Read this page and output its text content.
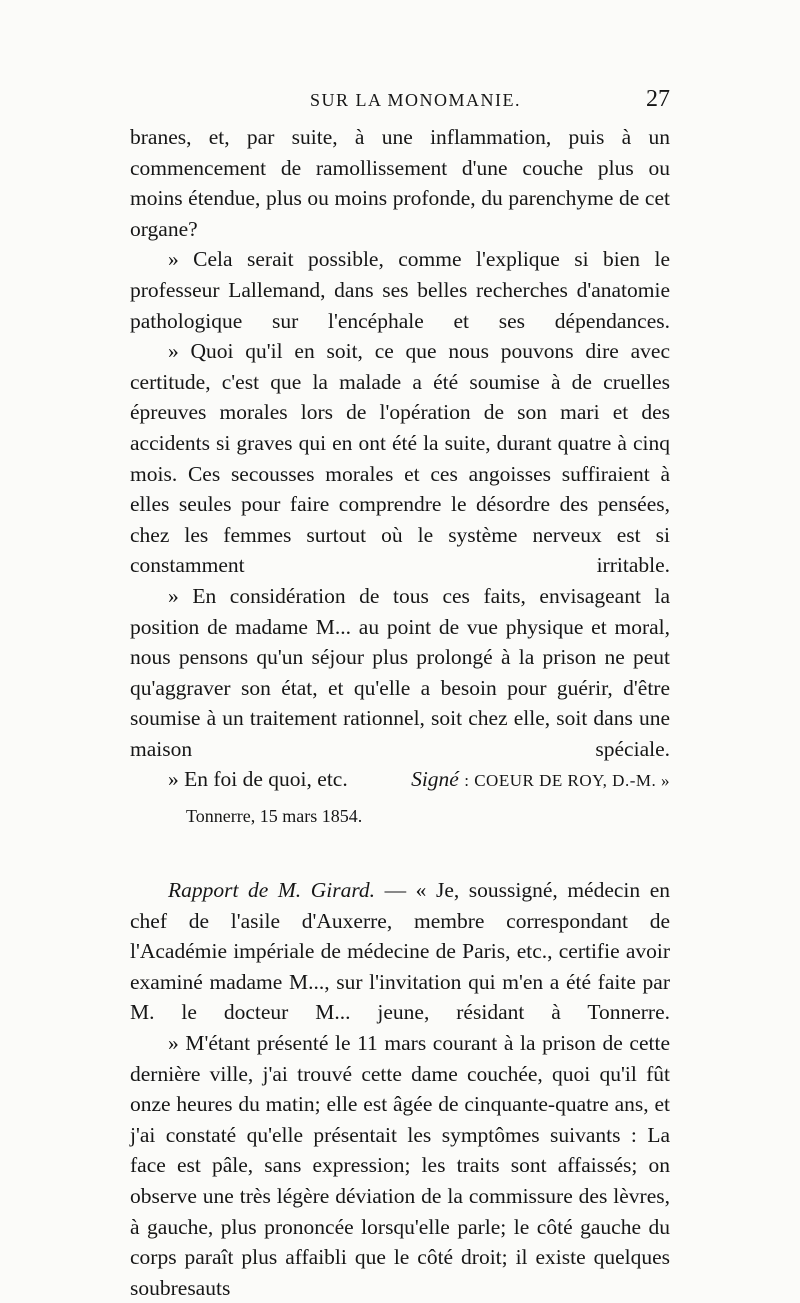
SUR LA MONOMANIE.	27

branes, et, par suite, à une inflammation, puis à un commencement de ramollissement d'une couche plus ou moins étendue, plus ou moins profonde, du parenchyme de cet organe?

» Cela serait possible, comme l'explique si bien le professeur Lallemand, dans ses belles recherches d'anatomie pathologique sur l'encéphale et ses dépendances.

» Quoi qu'il en soit, ce que nous pouvons dire avec certitude, c'est que la malade a été soumise à de cruelles épreuves morales lors de l'opération de son mari et des accidents si graves qui en ont été la suite, durant quatre à cinq mois. Ces secousses morales et ces angoisses suffiraient à elles seules pour faire comprendre le désordre des pensées, chez les femmes surtout où le système nerveux est si constamment irritable.

» En considération de tous ces faits, envisageant la position de madame M... au point de vue physique et moral, nous pensons qu'un séjour plus prolongé à la prison ne peut qu'aggraver son état, et qu'elle a besoin pour guérir, d'être soumise à un traitement rationnel, soit chez elle, soit dans une maison spéciale.

» En foi de quoi, etc.	Signé : COEUR DE ROY, D.-M. »

Tonnerre, 15 mars 1854.

Rapport de M. Girard. — « Je, soussigné, médecin en chef de l'asile d'Auxerre, membre correspondant de l'Académie impériale de médecine de Paris, etc., certifie avoir examiné madame M..., sur l'invitation qui m'en a été faite par M. le docteur M... jeune, résidant à Tonnerre.

» M'étant présenté le 11 mars courant à la prison de cette dernière ville, j'ai trouvé cette dame couchée, quoi qu'il fût onze heures du matin; elle est âgée de cinquante-quatre ans, et j'ai constaté qu'elle présentait les symptômes suivants : La face est pâle, sans expression; les traits sont affaissés; on observe une très légère déviation de la commissure des lèvres, à gauche, plus prononcée lorsqu'elle parle; le côté gauche du corps paraît plus affaibli que le côté droit; il existe quelques soubresauts
